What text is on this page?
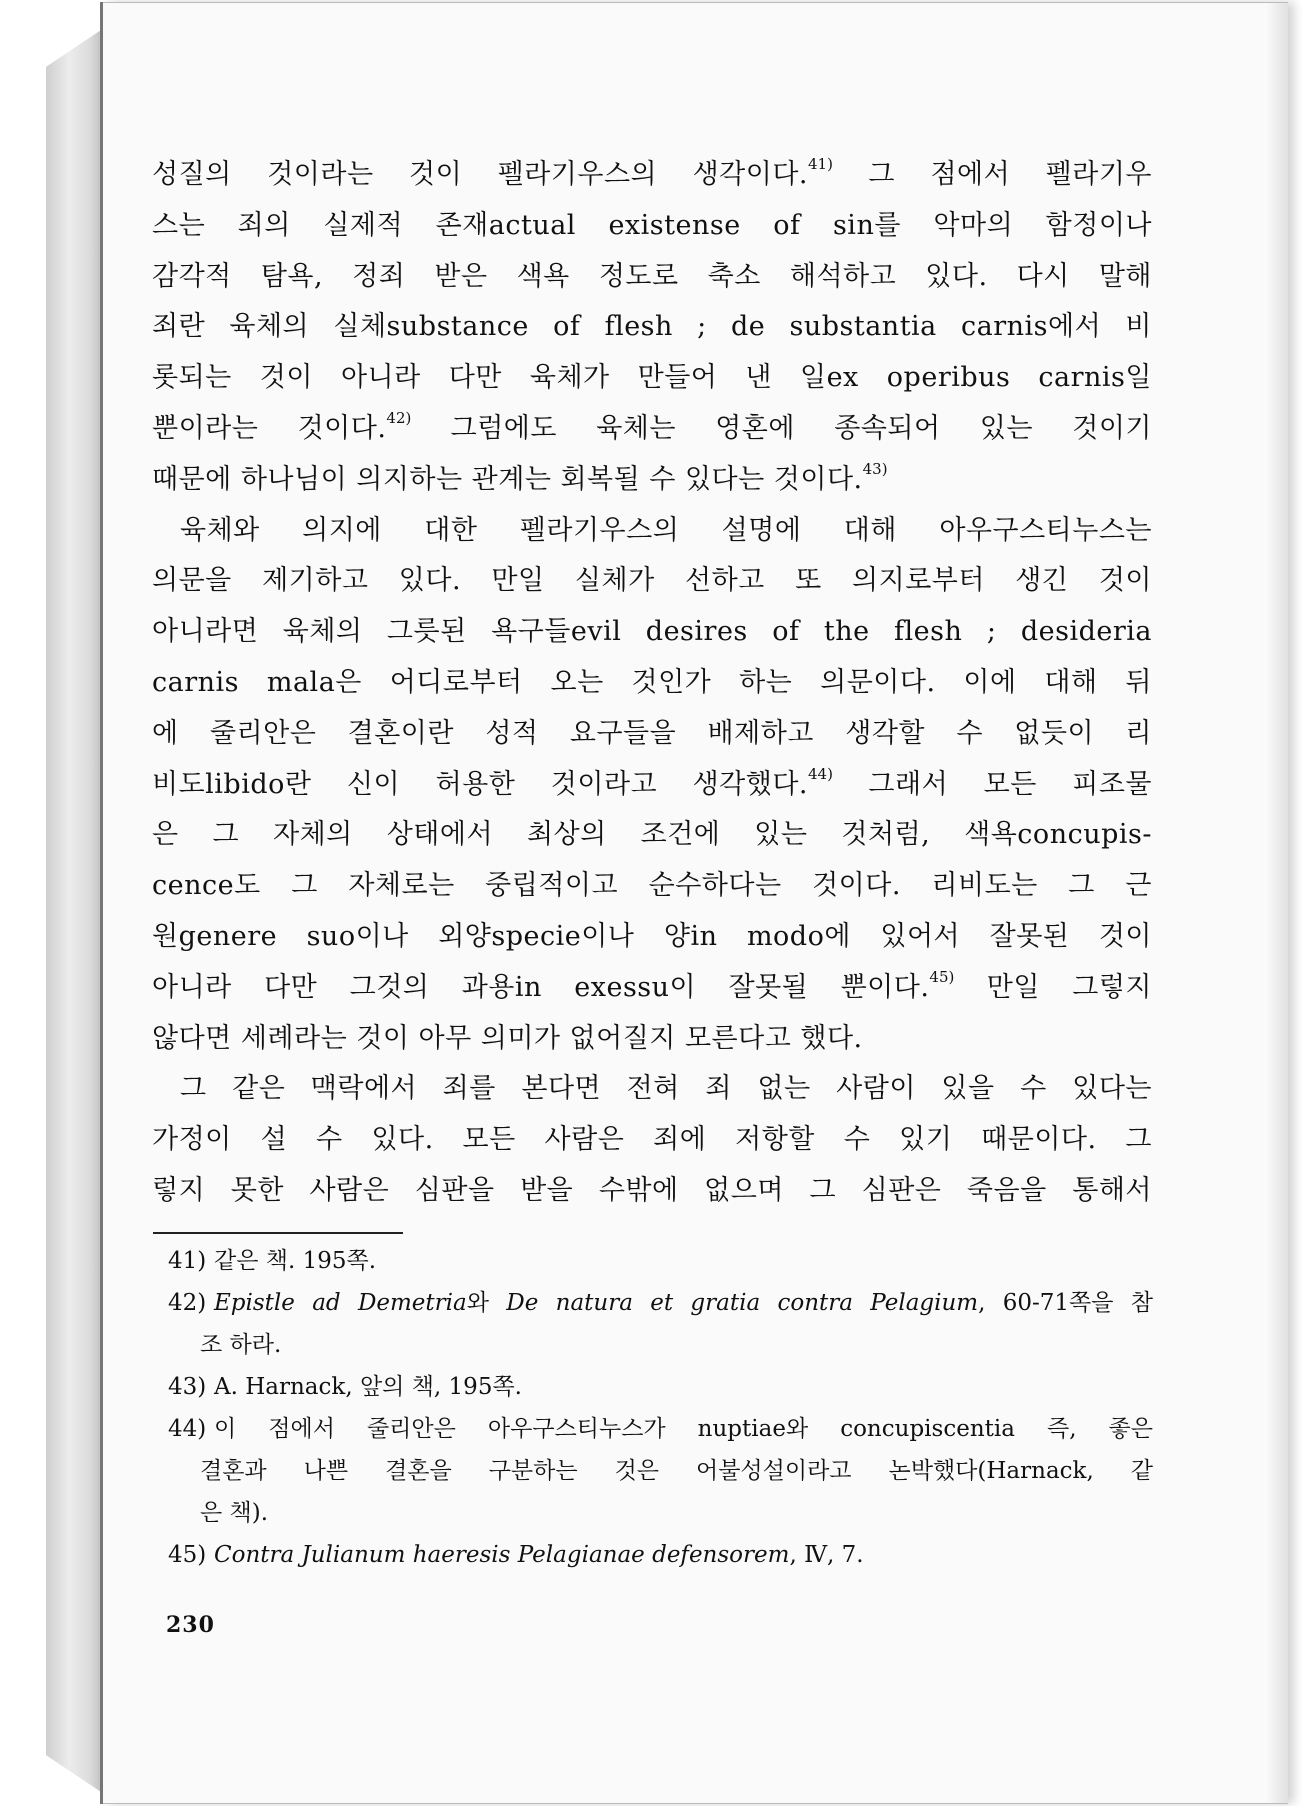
성질의 것이라는 것이 펠라기우스의 생각이다.$^{41)}$ 그 점에서 펠라기우
스는 죄의 실제적 존재actual existense of sin를 악마의 함정이나
감각적 탐욕, 정죄 받은 색욕 정도로 축소 해석하고 있다. 다시 말해
죄란 육체의 실체substance of flesh ; de substantia carnis에서 비
롯되는 것이 아니라 다만 육체가 만들어 낸 일ex operibus carnis일
뿐이라는 것이다.$^{42)}$ 그럼에도 육체는 영혼에 종속되어 있는 것이기
때문에 하나님이 의지하는 관계는 회복될 수 있다는 것이다.$^{43)}$
육체와 의지에 대한 펠라기우스의 설명에 대해 아우구스티누스는
의문을 제기하고 있다. 만일 실체가 선하고 또 의지로부터 생긴 것이
아니라면 육체의 그릇된 욕구들evil desires of the flesh ; desideria
carnis mala은 어디로부터 오는 것인가 하는 의문이다. 이에 대해 뒤
에 줄리안은 결혼이란 성적 요구들을 배제하고 생각할 수 없듯이 리
비도libido란 신이 허용한 것이라고 생각했다.$^{44)}$ 그래서 모든 피조물
은 그 자체의 상태에서 최상의 조건에 있는 것처럼, 색욕concupis-
cence도 그 자체로는 중립적이고 순수하다는 것이다. 리비도는 그 근
원genere suo이나 외양specie이나 양in modo에 있어서 잘못된 것이
아니라 다만 그것의 과용in exessu이 잘못될 뿐이다.$^{45)}$ 만일 그렇지
않다면 세례라는 것이 아무 의미가 없어질지 모른다고 했다.
그 같은 맥락에서 죄를 본다면 전혀 죄 없는 사람이 있을 수 있다는
가정이 설 수 있다. 모든 사람은 죄에 저항할 수 있기 때문이다. 그
렇지 못한 사람은 심판을 받을 수밖에 없으며 그 심판은 죽음을 통해서
41) 같은 책. 195쪽.
42) Epistle ad Demetria와 De natura et gratia contra Pelagium, 60-71쪽을 참
조 하라.
43) A. Harnack, 앞의 책, 195쪽.
44) 이 점에서 줄리안은 아우구스티누스가 nuptiae와 concupiscentia 즉, 좋은
결혼과 나쁜 결혼을 구분하는 것은 어불성설이라고 논박했다(Harnack, 같
은 책).
45) Contra Julianum haeresis Pelagianae defensorem, Ⅳ, 7.
230
